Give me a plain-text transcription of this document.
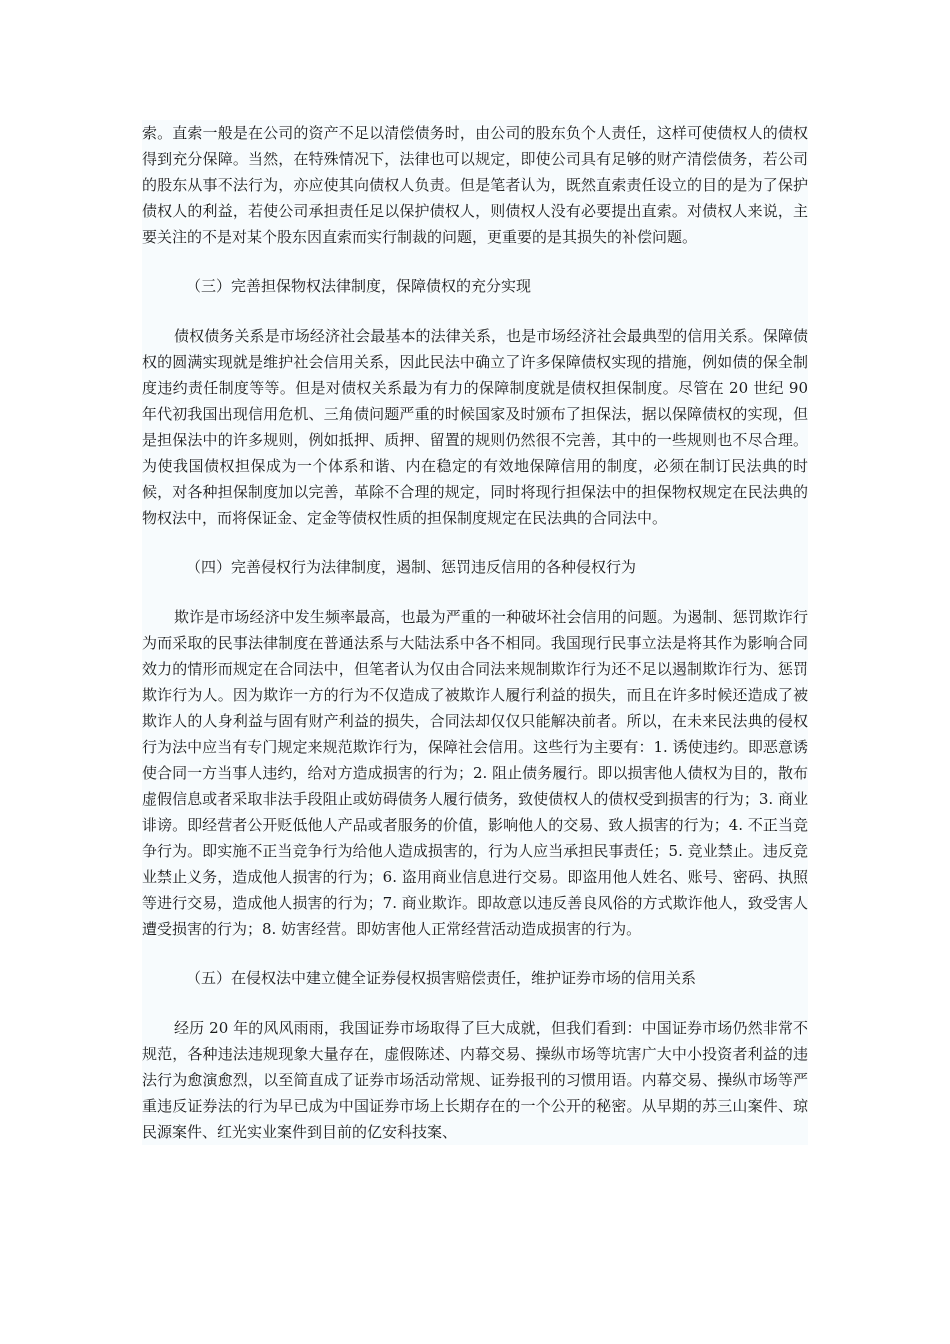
索。直索一般是在公司的资产不足以清偿债务时，由公司的股东负个人责任，这样可使债权人的债权得到充分保障。当然，在特殊情况下，法律也可以规定，即使公司具有足够的财产清偿债务，若公司的股东从事不法行为，亦应使其向债权人负责。但是笔者认为，既然直索责任设立的目的是为了保护债权人的利益，若使公司承担责任足以保护债权人，则债权人没有必要提出直索。对债权人来说，主要关注的不是对某个股东因直索而实行制裁的问题，更重要的是其损失的补偿问题。

（三）完善担保物权法律制度，保障债权的充分实现

债权债务关系是市场经济社会最基本的法律关系，也是市场经济社会最典型的信用关系。保障债权的圆满实现就是维护社会信用关系，因此民法中确立了许多保障债权实现的措施，例如债的保全制度违约责任制度等等。但是对债权关系最为有力的保障制度就是债权担保制度。尽管在 20 世纪 90 年代初我国出现信用危机、三角债问题严重的时候国家及时颁布了担保法，据以保障债权的实现，但是担保法中的许多规则，例如抵押、质押、留置的规则仍然很不完善，其中的一些规则也不尽合理。为使我国债权担保成为一个体系和谐、内在稳定的有效地保障信用的制度，必须在制订民法典的时候，对各种担保制度加以完善，革除不合理的规定，同时将现行担保法中的担保物权规定在民法典的物权法中，而将保证金、定金等债权性质的担保制度规定在民法典的合同法中。

（四）完善侵权行为法律制度，遏制、惩罚违反信用的各种侵权行为

欺诈是市场经济中发生频率最高，也最为严重的一种破坏社会信用的问题。为遏制、惩罚欺诈行为而采取的民事法律制度在普通法系与大陆法系中各不相同。我国现行民事立法是将其作为影响合同效力的情形而规定在合同法中，但笔者认为仅由合同法来规制欺诈行为还不足以遏制欺诈行为、惩罚欺诈行为人。因为欺诈一方的行为不仅造成了被欺诈人履行利益的损失，而且在许多时候还造成了被欺诈人的人身利益与固有财产利益的损失，合同法却仅仅只能解决前者。所以，在未来民法典的侵权行为法中应当有专门规定来规范欺诈行为，保障社会信用。这些行为主要有：1. 诱使违约。即恶意诱使合同一方当事人违约，给对方造成损害的行为；2. 阻止债务履行。即以损害他人债权为目的，散布虚假信息或者采取非法手段阻止或妨碍债务人履行债务，致使债权人的债权受到损害的行为；3. 商业诽谤。即经营者公开贬低他人产品或者服务的价值，影响他人的交易、致人损害的行为；4. 不正当竞争行为。即实施不正当竞争行为给他人造成损害的，行为人应当承担民事责任；5. 竞业禁止。违反竞业禁止义务，造成他人损害的行为；6. 盗用商业信息进行交易。即盗用他人姓名、账号、密码、执照等进行交易，造成他人损害的行为；7. 商业欺诈。即故意以违反善良风俗的方式欺诈他人，致受害人遭受损害的行为；8. 妨害经营。即妨害他人正常经营活动造成损害的行为。

（五）在侵权法中建立健全证券侵权损害赔偿责任，维护证券市场的信用关系

经历 20 年的风风雨雨，我国证券市场取得了巨大成就，但我们看到：中国证券市场仍然非常不规范，各种违法违规现象大量存在，虚假陈述、内幕交易、操纵市场等坑害广大中小投资者利益的违法行为愈演愈烈，以至简直成了证券市场活动常规、证券报刊的习惯用语。内幕交易、操纵市场等严重违反证券法的行为早已成为中国证券市场上长期存在的一个公开的秘密。从早期的苏三山案件、琼民源案件、红光实业案件到目前的亿安科技案、
